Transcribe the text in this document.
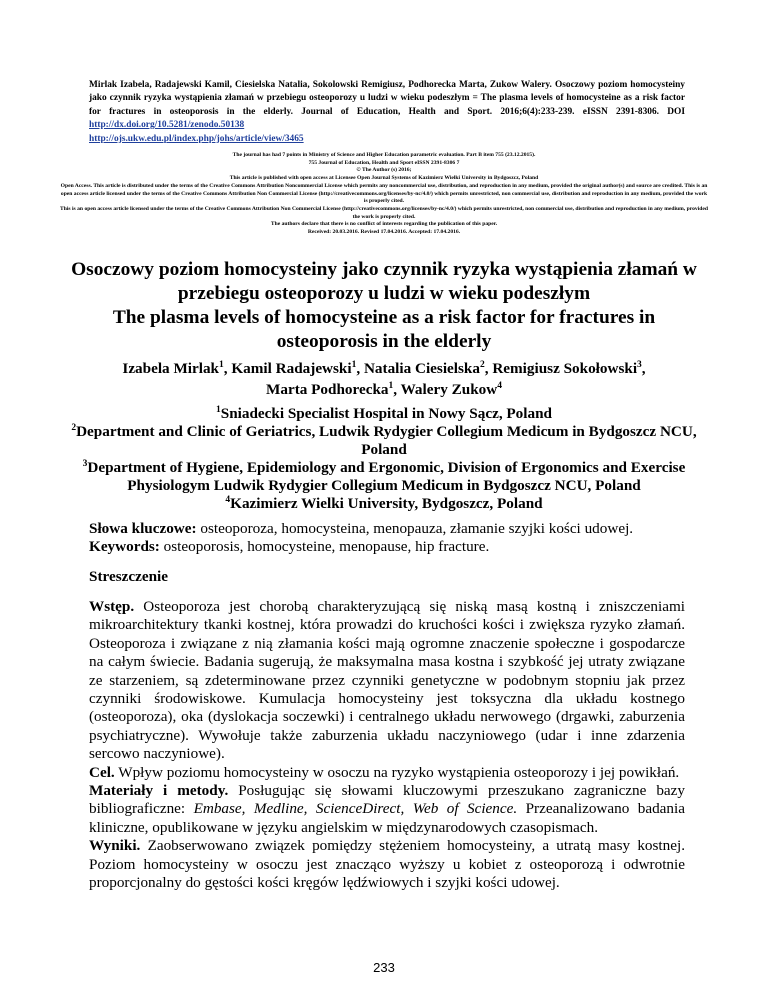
Mirlak Izabela, Radajewski Kamil, Ciesielska Natalia, Sokolowski Remigiusz, Podhorecka Marta, Zukow Walery. Osoczowy poziom homocysteiny jako czynnik ryzyka wystąpienia złamań w przebiegu osteoporozy u ludzi w wieku podeszłym = The plasma levels of homocysteine as a risk factor for fractures in osteoporosis in the elderly. Journal of Education, Health and Sport. 2016;6(4):233-239. eISSN 2391-8306. DOI http://dx.doi.org/10.5281/zenodo.50138
http://ojs.ukw.edu.pl/index.php/johs/article/view/3465
The journal has had 7 points in Ministry of Science and Higher Education parametric evaluation. Part B item 755 (23.12.2015).
755 Journal of Education, Health and Sport eISSN 2391-8306 7
© The Author (s) 2016;
This article is published with open access at Licensee Open Journal Systems of Kazimierz Wielki University in Bydgoszcz, Poland
Open Access. This article is distributed under the terms of the Creative Commons Attribution Noncommercial License which permits any noncommercial use, distribution, and reproduction in any medium, provided the original author(s) and source are credited. This is an open access article licensed under the terms of the Creative Commons Attribution Non Commercial License (http://creativecommons.org/licenses/by-nc/4.0/) which permits unrestricted, non commercial use, distribution and reproduction in any medium, provided the work is properly cited.
This is an open access article licensed under the terms of the Creative Commons Attribution Non Commercial License (http://creativecommons.org/licenses/by-nc/4.0/) which permits unrestricted, non commercial use, distribution and reproduction in any medium, provided the work is properly cited.
The authors declare that there is no conflict of interests regarding the publication of this paper.
Received: 20.03.2016. Revised 17.04.2016. Accepted: 17.04.2016.
Osoczowy poziom homocysteiny jako czynnik ryzyka wystąpienia złamań w przebiegu osteoporozy u ludzi w wieku podeszłym
The plasma levels of homocysteine as a risk factor for fractures in osteoporosis in the elderly
Izabela Mirlak$^1$, Kamil Radajewski$^1$, Natalia Ciesielska$^2$, Remigiusz Sokołowski$^3$,
Marta Podhorecka$^1$, Walery Zukow$^4$
$^1$Sniadecki Specialist Hospital in Nowy Sącz, Poland
$^2$Department and Clinic of Geriatrics, Ludwik Rydygier Collegium Medicum in Bydgoszcz NCU, Poland
$^3$Department of Hygiene, Epidemiology and Ergonomic, Division of Ergonomics and Exercise Physiologym Ludwik Rydygier Collegium Medicum in Bydgoszcz NCU, Poland
$^4$Kazimierz Wielki University, Bydgoszcz, Poland
Słowa kluczowe: osteoporoza, homocysteina, menopauza, złamanie szyjki kości udowej.
Keywords: osteoporosis, homocysteine, menopause, hip fracture.
Streszczenie

Wstęp. Osteoporoza jest chorobą charakteryzującą się niską masą kostną i zniszczeniami mikroarchitektury tkanki kostnej, która prowadzi do kruchości kości i zwiększa ryzyko złamań. Osteoporoza i związane z nią złamania kości mają ogromne znaczenie społeczne i gospodarcze na całym świecie. Badania sugerują, że maksymalna masa kostna i szybkość jej utraty związane ze starzeniem, są zdeterminowane przez czynniki genetyczne w podobnym stopniu jak przez czynniki środowiskowe. Kumulacja homocysteiny jest toksyczna dla układu kostnego (osteoporoza), oka (dyslokacja soczewki) i centralnego układu nerwowego (drgawki, zaburzenia psychiatryczne). Wywołuje także zaburzenia układu naczyniowego (udar i inne zdarzenia sercowo naczyniowe).

Cel. Wpływ poziomu homocysteiny w osoczu na ryzyko wystąpienia osteoporozy i jej powikłań.

Materiały i metody. Posługując się słowami kluczowymi przeszukano zagraniczne bazy bibliograficzne: Embase, Medline, ScienceDirect, Web of Science. Przeanalizowano badania kliniczne, opublikowane w języku angielskim w międzynarodowych czasopismach.

Wyniki. Zaobserwowano związek pomiędzy stężeniem homocysteiny, a utratą masy kostnej. Poziom homocysteiny w osoczu jest znacząco wyższy u kobiet z osteoporozą i odwrotnie proporcjonalny do gęstości kości kręgów lędźwiowych i szyjki kości udowej.

233
